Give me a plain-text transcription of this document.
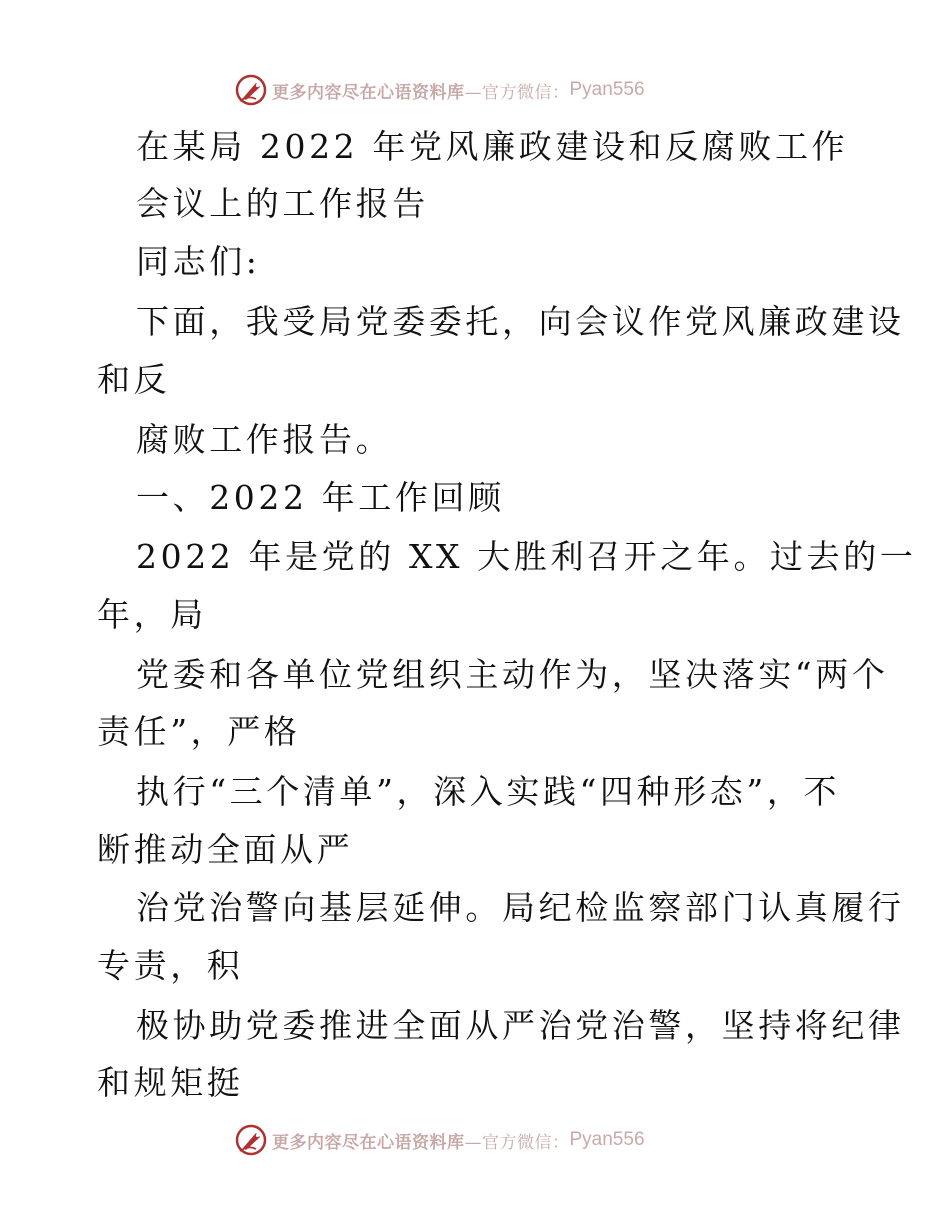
更多内容尽在心语资料库 —官方微信： Pyan556
在某局 2022 年党风廉政建设和反腐败工作
会议上的工作报告
同志们:
下面，我受局党委委托，向会议作党风廉政建设
和反
腐败工作报告。
一、2022 年工作回顾
2022 年是党的 XX 大胜利召开之年。过去的一
年，局
党委和各单位党组织主动作为，坚决落实“两个
责任”，严格
执行“三个清单”，深入实践“四种形态”，不
断推动全面从严
治党治警向基层延伸。局纪检监察部门认真履行
专责，积
极协助党委推进全面从严治党治警，坚持将纪律
和规矩挺
更多内容尽在心语资料库 —官方微信： Pyan556
